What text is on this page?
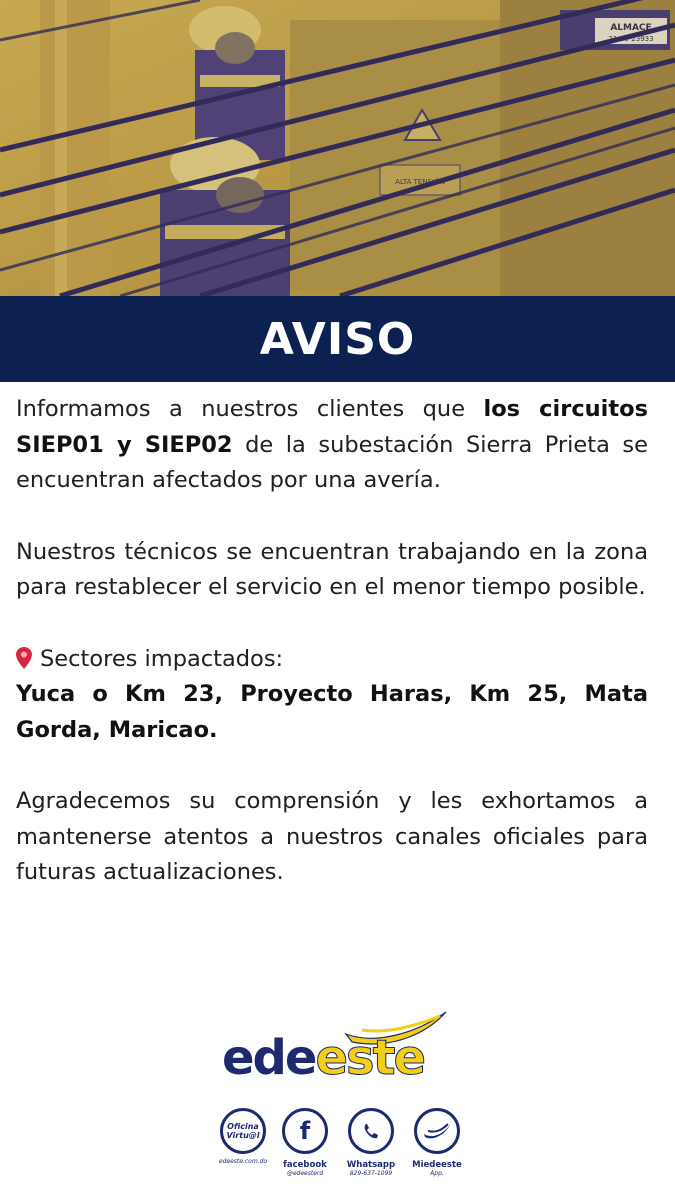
ALMACE
21-09-23933
ALTA TENSIÓN
AVISO

Informamos a nuestros clientes que los circuitos SIEP01 y SIEP02 de la subestación Sierra Prieta se encuentran afectados por una avería.

Nuestros técnicos se encuentran trabajando en la zona para restablecer el servicio en el menor tiempo posible.

Sectores impactados:

Yuca o Km 23, Proyecto Haras, Km 25, Mata Gorda, Maricao.

Agradecemos su comprensión y les exhortamos a mantenerse atentos a nuestros canales oficiales para futuras actualizaciones.

edeeste
Oficina Virtu@l
edeeste.com.do
f
facebook
@edeesterd
Whatsapp
829-637-1099
Miedeeste
App.
